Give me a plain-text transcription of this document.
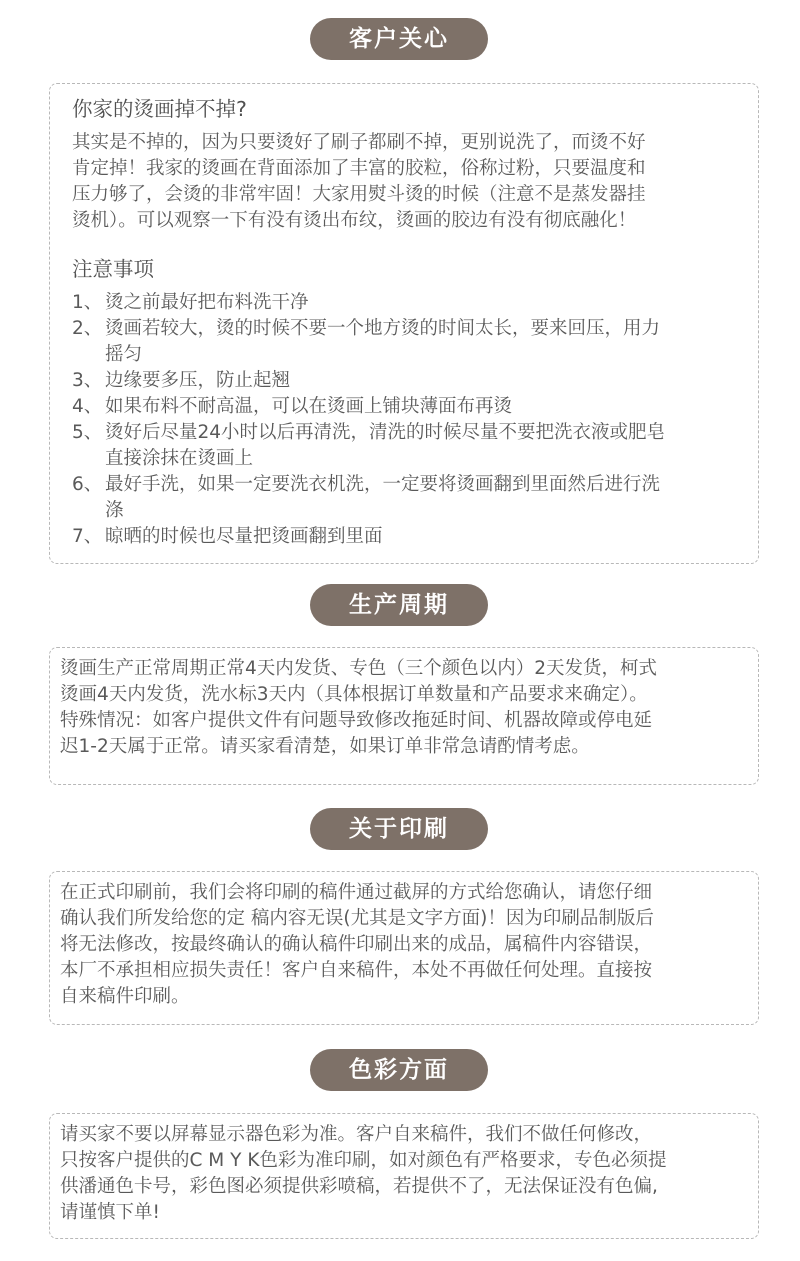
客户关心
你家的烫画掉不掉?
其实是不掉的，因为只要烫好了刷子都刷不掉，更别说洗了，而烫不好
肯定掉！我家的烫画在背面添加了丰富的胶粒，俗称过粉，只要温度和
压力够了，会烫的非常牢固！大家用熨斗烫的时候（注意不是蒸发器挂
烫机）。可以观察一下有没有烫出布纹，烫画的胶边有没有彻底融化！
注意事项
1、 烫之前最好把布料洗干净
2、 烫画若较大，烫的时候不要一个地方烫的时间太长，要来回压，用力
摇匀
3、 边缘要多压，防止起翘
4、 如果布料不耐高温，可以在烫画上铺块薄面布再烫
5、 烫好后尽量24小时以后再清洗，清洗的时候尽量不要把洗衣液或肥皂
直接涂抹在烫画上
6、 最好手洗，如果一定要洗衣机洗，一定要将烫画翻到里面然后进行洗
涤
7、 晾晒的时候也尽量把烫画翻到里面
生产周期
烫画生产正常周期正常4天内发货、专色（三个颜色以内）2天发货，柯式
烫画4天内发货，洗水标3天内（具体根据订单数量和产品要求来确定）。
特殊情况：如客户提供文件有问题导致修改拖延时间、机器故障或停电延
迟1-2天属于正常。请买家看清楚，如果订单非常急请酌情考虑。
关于印刷
在正式印刷前，我们会将印刷的稿件通过截屏的方式给您确认，请您仔细
确认我们所发给您的定 稿内容无误(尤其是文字方面)！因为印刷品制版后
将无法修改，按最终确认的确认稿件印刷出来的成品，属稿件内容错误，
本厂不承担相应损失责任！客户自来稿件，本处不再做任何处理。直接按
自来稿件印刷。
色彩方面
请买家不要以屏幕显示器色彩为准。客户自来稿件，我们不做任何修改，
只按客户提供的C M Y K色彩为准印刷，如对颜色有严格要求，专色必须提
供潘通色卡号，彩色图必须提供彩喷稿，若提供不了，无法保证没有色偏,
请谨慎下单!
